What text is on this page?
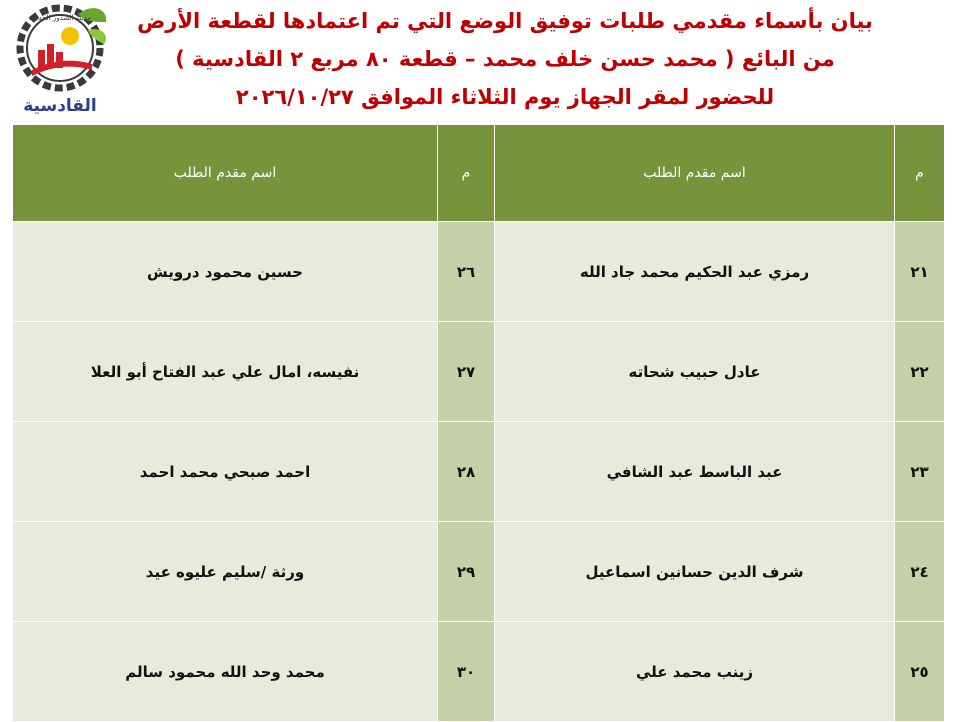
مدينة الصدور الجديدة
القادسية
بيان بأسماء مقدمي طلبات توفيق الوضع التي تم اعتمادها لقطعة الأرض
من البائع ( محمد حسن خلف محمد – قطعة ٨٠ مربع ٢ القادسية )
للحضور لمقر الجهاز يوم الثلاثاء الموافق ٢٠٢٦/١٠/٢٧
م	اسم مقدم الطلب	م	اسم مقدم الطلب
٢١	رمزي عبد الحكيم محمد جاد الله	٢٦	حسين محمود درويش
٢٢	عادل حبيب شحاته	٢٧	نفيسه، امال علي عبد الفتاح أبو العلا
٢٣	عبد الباسط عبد الشافي	٢٨	احمد صبحي محمد احمد
٢٤	شرف الدين حسانين اسماعيل	٢٩	ورثة /سليم عليوه عيد
٢٥	زينب محمد علي	٣٠	محمد وحد الله محمود سالم
